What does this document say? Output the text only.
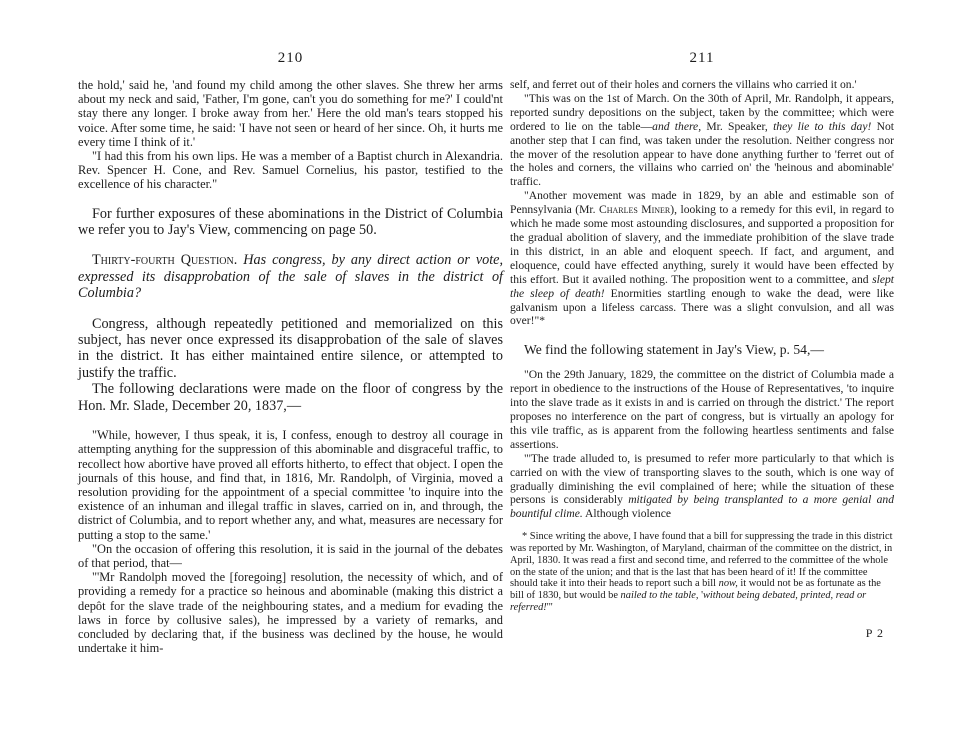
210

the hold,' said he, 'and found my child among the other slaves. She threw her arms about my neck and said, 'Father, I'm gone, can't you do something for me?' I could'nt stay there any longer. I broke away from her.' Here the old man's tears stopped his voice. After some time, he said: 'I have not seen or heard of her since. Oh, it hurts me every time I think of it.'

"I had this from his own lips. He was a member of a Baptist church in Alexandria. Rev. Spencer H. Cone, and Rev. Samuel Cornelius, his pastor, testified to the excellence of his character."

For further exposures of these abominations in the District of Columbia we refer you to Jay's View, commencing on page 50.

Thirty-fourth Question. Has congress, by any direct action or vote, expressed its disapprobation of the sale of slaves in the district of Columbia?

Congress, although repeatedly petitioned and memorialized on this subject, has never once expressed its disapprobation of the sale of slaves in the district. It has either maintained entire silence, or attempted to justify the traffic.

The following declarations were made on the floor of congress by the Hon. Mr. Slade, December 20, 1837,—

"While, however, I thus speak, it is, I confess, enough to destroy all courage in attempting anything for the suppression of this abominable and disgraceful traffic, to recollect how abortive have proved all efforts hitherto, to effect that object. I open the journals of this house, and find that, in 1816, Mr. Randolph, of Virginia, moved a resolution providing for the appointment of a special committee 'to inquire into the existence of an inhuman and illegal traffic in slaves, carried on in, and through, the district of Columbia, and to report whether any, and what, measures are necessary for putting a stop to the same.'

"On the occasion of offering this resolution, it is said in the journal of the debates of that period, that—

"'Mr Randolph moved the [foregoing] resolution, the necessity of which, and of providing a remedy for a practice so heinous and abominable (making this district a depôt for the slave trade of the neighbouring states, and a medium for evading the laws in force by collusive sales), he impressed by a variety of remarks, and concluded by declaring that, if the business was declined by the house, he would undertake it him-

211

self, and ferret out of their holes and corners the villains who carried it on.'

"This was on the 1st of March. On the 30th of April, Mr. Randolph, it appears, reported sundry depositions on the subject, taken by the committee; which were ordered to lie on the table—and there, Mr. Speaker, they lie to this day! Not another step that I can find, was taken under the resolution. Neither congress nor the mover of the resolution appear to have done anything further to 'ferret out of the holes and corners, the villains who carried on' the 'heinous and abominable' traffic.

"Another movement was made in 1829, by an able and estimable son of Pennsylvania (Mr. Charles Miner), looking to a remedy for this evil, in regard to which he made some most astounding disclosures, and supported a proposition for the gradual abolition of slavery, and the immediate prohibition of the slave trade in this district, in an able and eloquent speech. If fact, and argument, and eloquence, could have effected anything, surely it would have been effected by this effort. But it availed nothing. The proposition went to a committee, and slept the sleep of death! Enormities startling enough to wake the dead, were like galvanism upon a lifeless carcass. There was a slight convulsion, and all was over!"*

We find the following statement in Jay's View, p. 54,—

"On the 29th January, 1829, the committee on the district of Columbia made a report in obedience to the instructions of the House of Representatives, 'to inquire into the slave trade as it exists in and is carried on through the district.' The report proposes no interference on the part of congress, but is virtually an apology for this vile traffic, as is apparent from the following heartless sentiments and false assertions.

"'The trade alluded to, is presumed to refer more particularly to that which is carried on with the view of transporting slaves to the south, which is one way of gradually diminishing the evil complained of here; while the situation of these persons is considerably mitigated by being transplanted to a more genial and bountiful clime. Although violence

* Since writing the above, I have found that a bill for suppressing the trade in this district was reported by Mr. Washington, of Maryland, chairman of the committee on the district, in April, 1830. It was read a first and second time, and referred to the committee of the whole on the state of the union; and that is the last that has been heard of it! If the committee should take it into their heads to report such a bill now, it would not be as fortunate as the bill of 1830, but would be nailed to the table, 'without being debated, printed, read or referred!'"

P 2
